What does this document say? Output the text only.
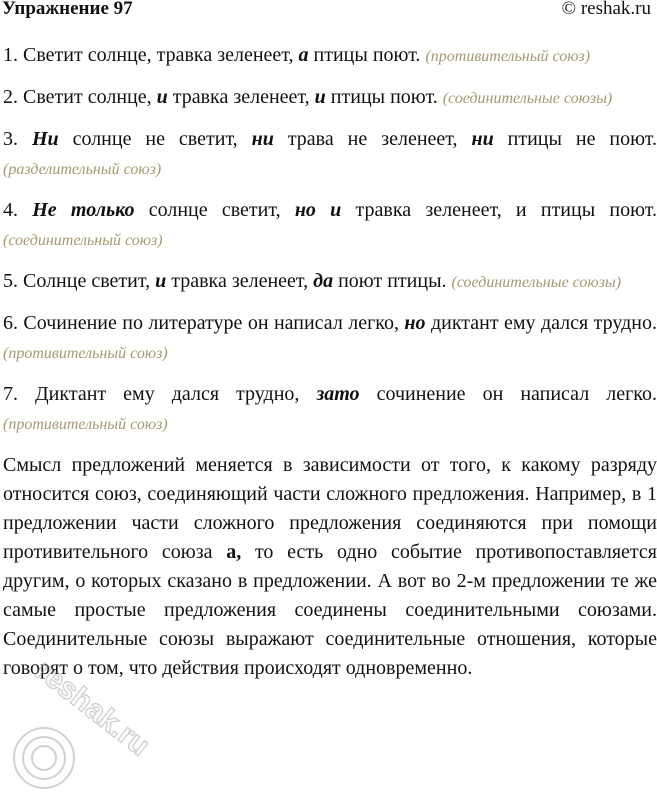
Упражнение 97	© reshak.ru

1. Светит солнце, травка зеленеет, а птицы поют. (противительный союз)

2. Светит солнце, и травка зеленеет, и птицы поют. (соединительные союзы)

3. Ни солнце не светит, ни трава не зеленеет, ни птицы не поют. (разделительный союз)

4. Не только солнце светит, но и травка зеленеет, и птицы поют. (соединительный союз)

5. Солнце светит, и травка зеленеет, да поют птицы. (соединительные союзы)

6. Сочинение по литературе он написал легко, но диктант ему дался трудно. (противительный союз)

7. Диктант ему дался трудно, зато сочинение он написал легко. (противительный союз)

Смысл предложений меняется в зависимости от того, к какому разряду относится союз, соединяющий части сложного предложения. Например, в 1 предложении части сложного предложения соединяются при помощи противительного союза а, то есть одно событие противопоставляется другим, о которых сказано в предложении. А вот во 2-м предложении те же самые простые предложения соединены соединительными союзами. Соединительные союзы выражают соединительные отношения, которые говорят о том, что действия происходят одновременно.

reshak.ru
